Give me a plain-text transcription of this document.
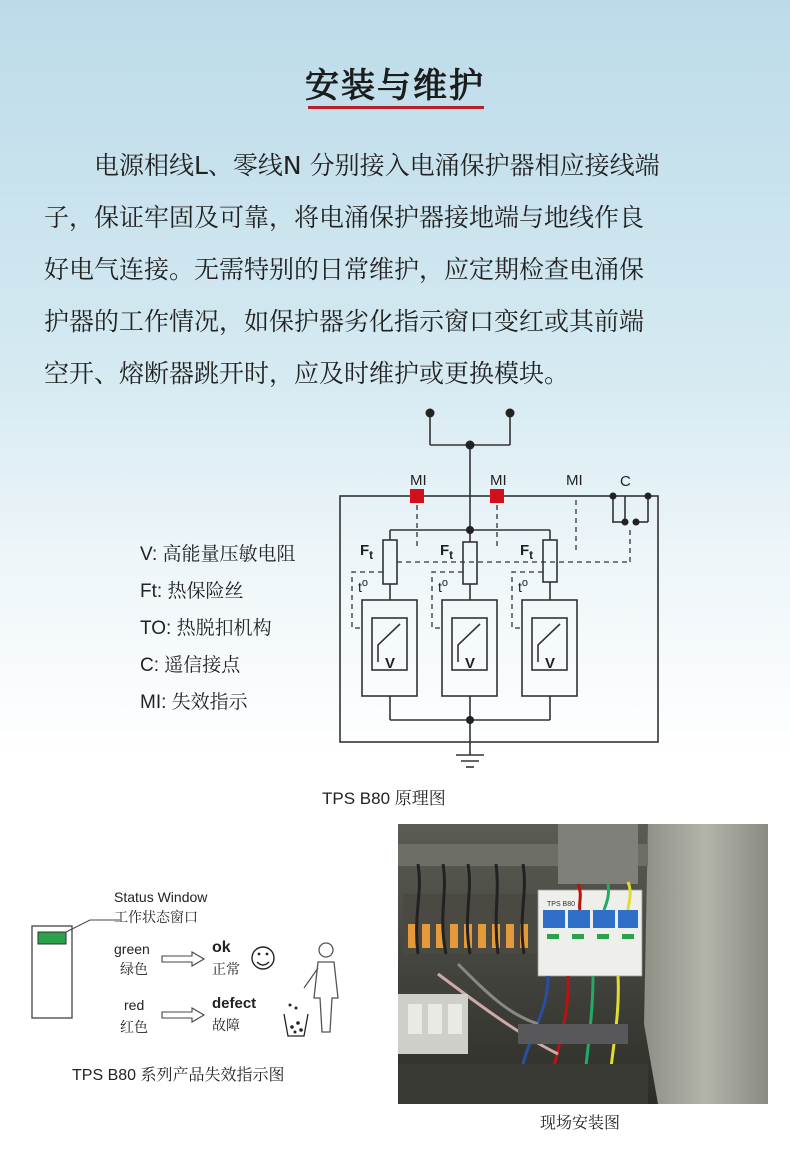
安装与维护
电源相线L、零线N 分别接入电涌保护器相应接线端
子，保证牢固及可靠，将电涌保护器接地端与地线作良
好电气连接。无需特别的日常维护，应定期检查电涌保
护器的工作情况，如保护器劣化指示窗口变红或其前端
空开、熔断器跳开时，应及时维护或更换模块。
V: 高能量压敏电阻
Ft: 热保险丝
TO: 热脱扣机构
C: 遥信接点
MI: 失效指示
MI	MI	MI C
$F_t$	$F_t$	$F_t$
$t^o$	$t^o$	$t^o$
V	V	V
TPS B80 原理图
Status Window
工作状态窗口
green
绿色
ok
正常
red
红色
defect
故障
TPS B80 系列产品失效指示图
TPS B80
现场安装图
